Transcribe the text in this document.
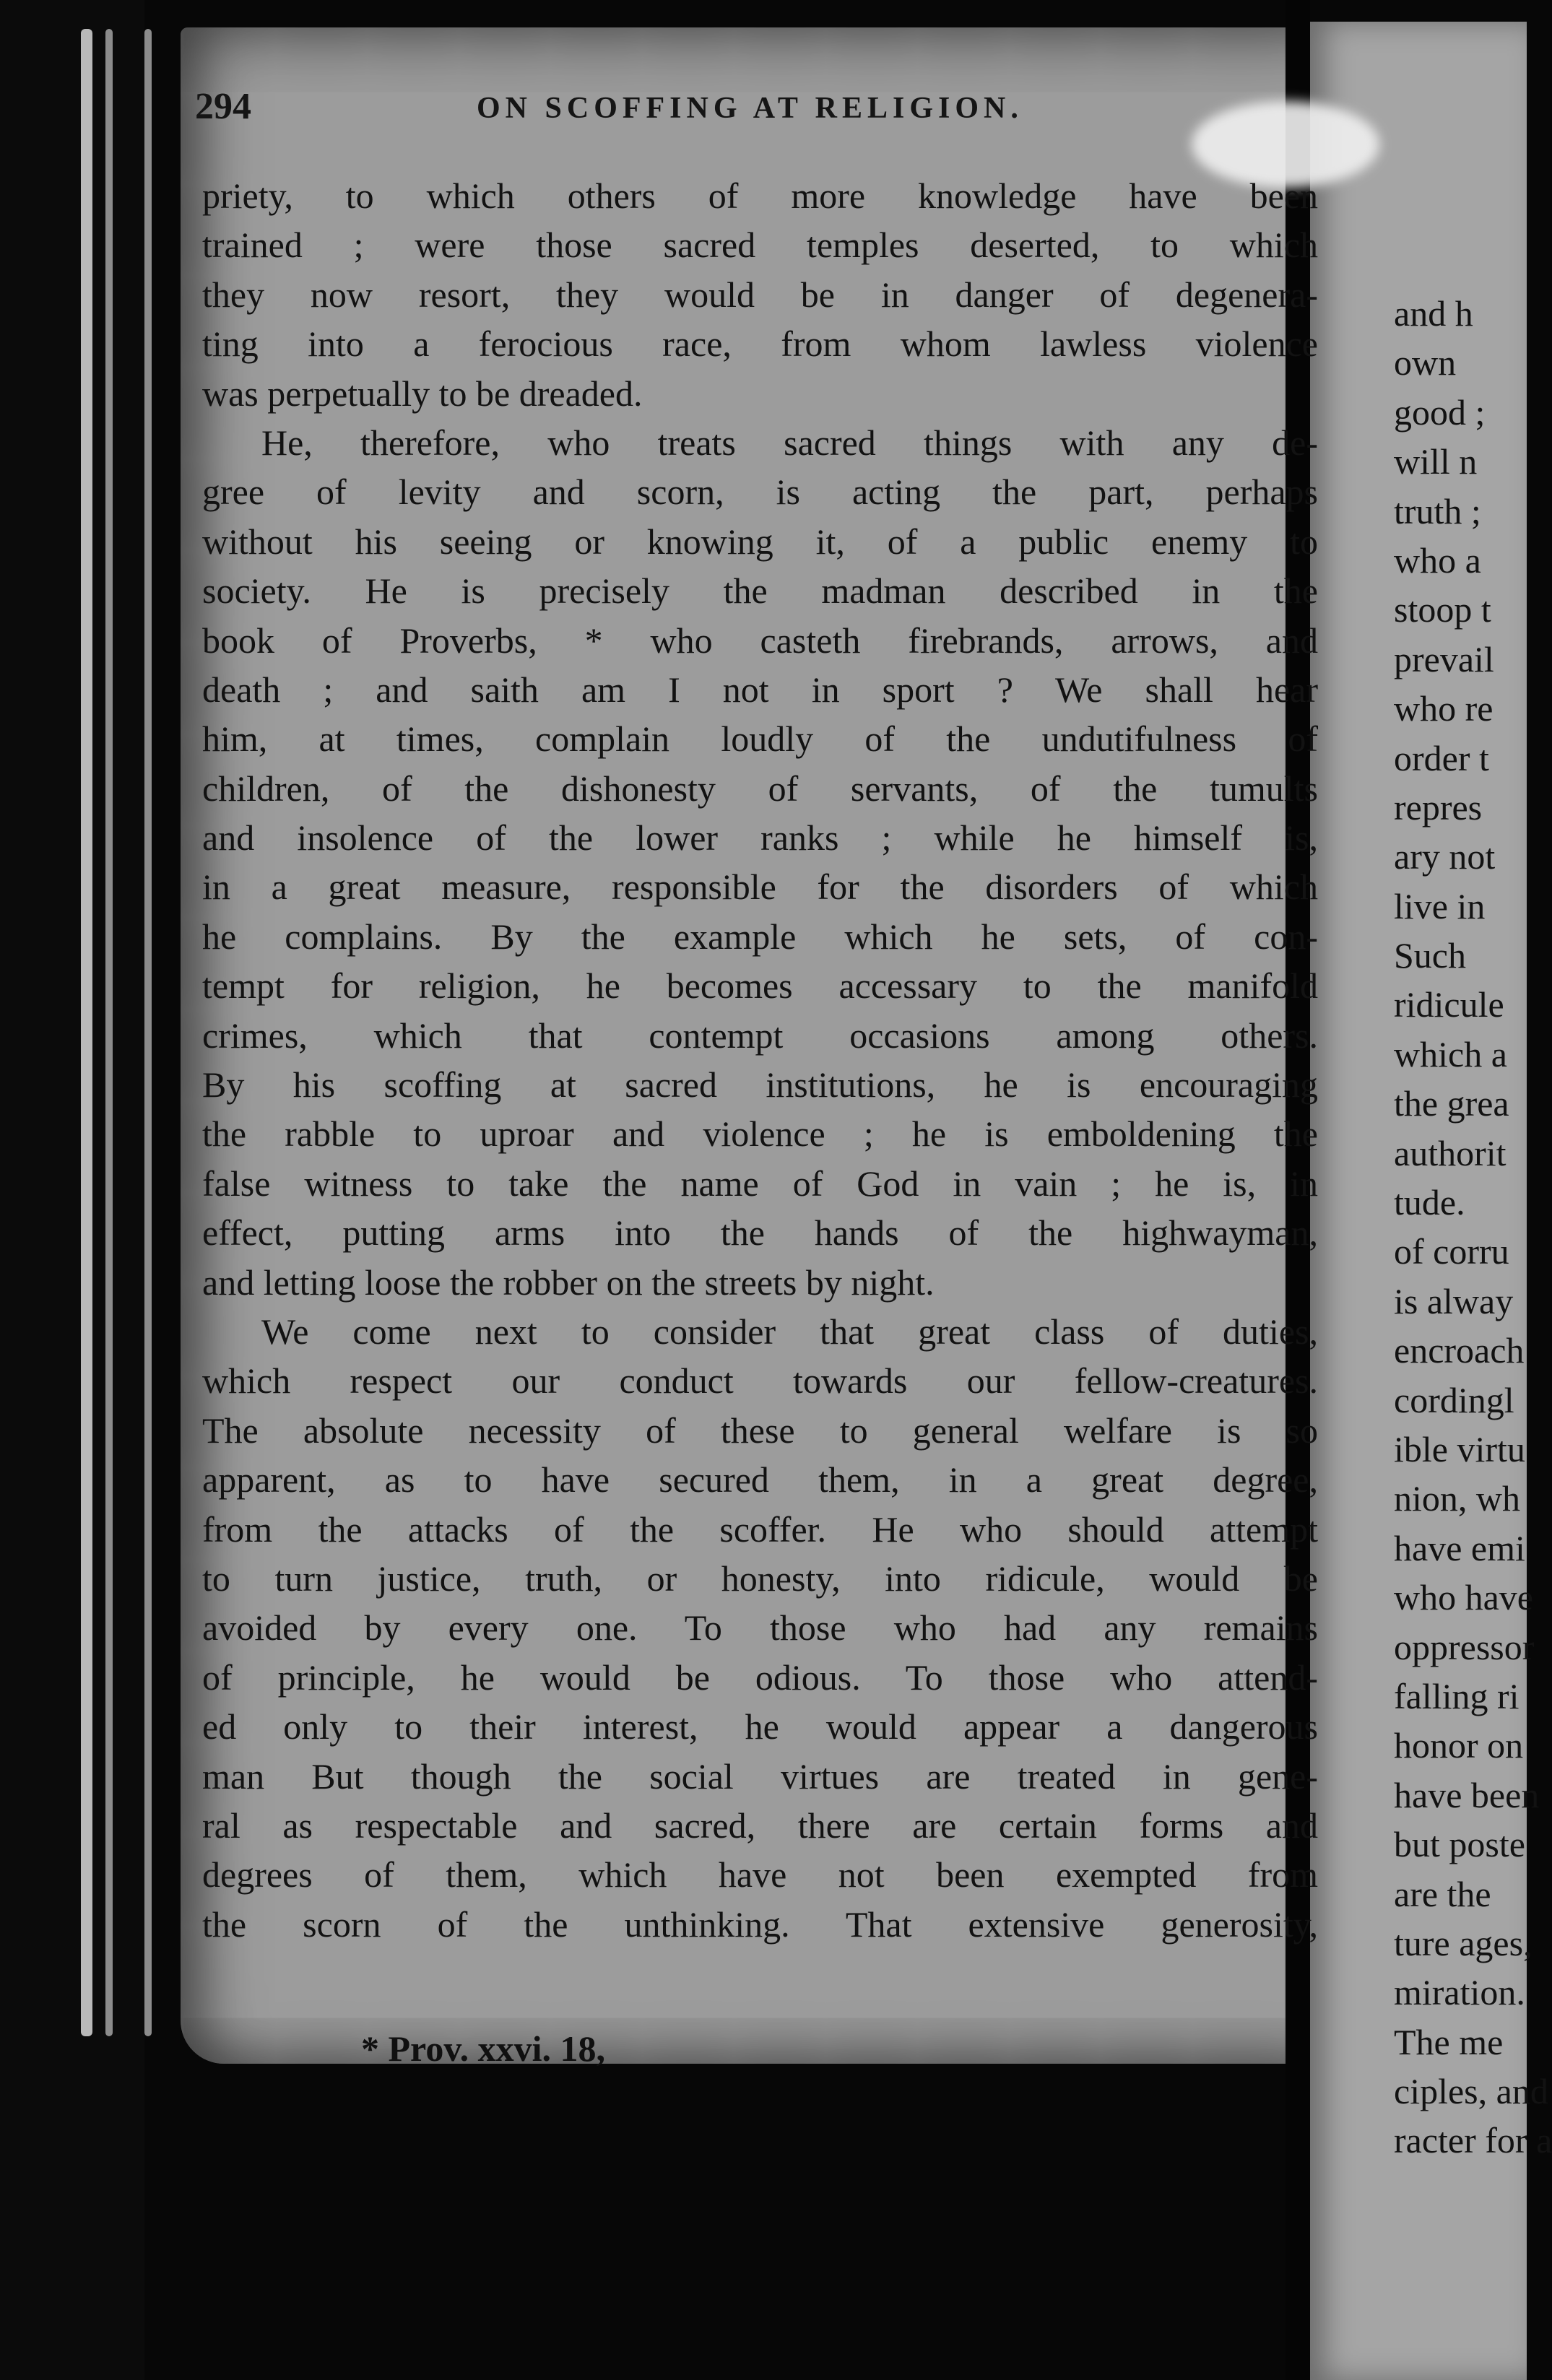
294	ON SCOFFING AT RELIGION.
priety, to which others of more knowledge have been
trained ; were those sacred temples deserted, to which
they now resort, they would be in danger of degenera-
ting into a ferocious race, from whom lawless violence
was perpetually to be dreaded.
He, therefore, who treats sacred things with any de-
gree of levity and scorn, is acting the part, perhaps
without his seeing or knowing it, of a public enemy to
society. He is precisely the madman described in the
book of Proverbs, * who casteth firebrands, arrows, and
death ; and saith am I not in sport ? We shall hear
him, at times, complain loudly of the undutifulness of
children, of the dishonesty of servants, of the tumults
and insolence of the lower ranks ; while he himself is,
in a great measure, responsible for the disorders of which
he complains. By the example which he sets, of con-
tempt for religion, he becomes accessary to the manifold
crimes, which that contempt occasions among others.
By his scoffing at sacred institutions, he is encouraging
the rabble to uproar and violence ; he is emboldening the
false witness to take the name of God in vain ; he is, in
effect, putting arms into the hands of the highwayman,
and letting loose the robber on the streets by night.
We come next to consider that great class of duties,
which respect our conduct towards our fellow-creatures.
The absolute necessity of these to general welfare is so
apparent, as to have secured them, in a great degree,
from the attacks of the scoffer. He who should attempt
to turn justice, truth, or honesty, into ridicule, would be
avoided by every one. To those who had any remains
of principle, he would be odious. To those who attend-
ed only to their interest, he would appear a dangerous
man But though the social virtues are treated in gene-
ral as respectable and sacred, there are certain forms and
degrees of them, which have not been exempted from
the scorn of the unthinking. That extensive generosity,
* Prov. xxvi. 18,
and h
own
good ;
will n
truth ;
who a
stoop t
prevail
who re
order t
repres
ary not
live in
Such
ridicule
which a
the grea
authorit
tude.
of corru
is alway
encroach
cordingl
ible virtu
nion, wh
have emi
who have
oppressor
falling ri
honor on
have been
but poste
are the
ture ages,
miration.
The me
ciples, and
racter for a
